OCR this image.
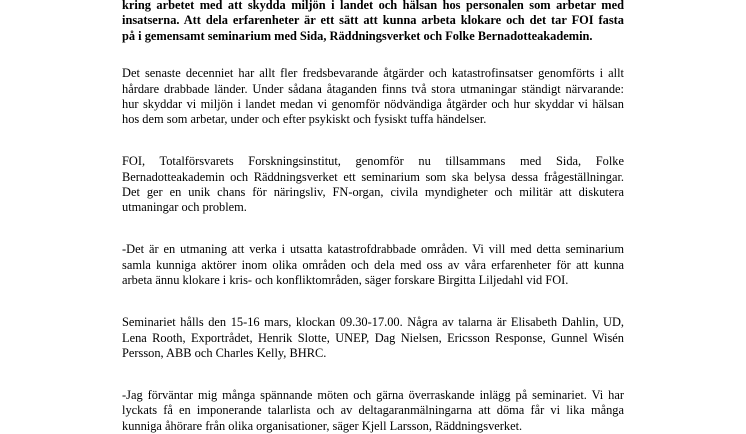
kring arbetet med att skydda miljön i landet och hälsan hos personalen som arbetar med
insatserna. Att dela erfarenheter är ett sätt att kunna arbeta klokare och det tar FOI fasta
på i gemensamt seminarium med Sida, Räddningsverket och Folke Bernadotteakademin.
Det senaste decenniet har allt fler fredsbevarande åtgärder och katastrofinsatser genomförts i allt
hårdare drabbade länder. Under sådana åtaganden finns två stora utmaningar ständigt närvarande:
hur skyddar vi miljön i landet medan vi genomför nödvändiga åtgärder och hur skyddar vi hälsan
hos dem som arbetar, under och efter psykiskt och fysiskt tuffa händelser.
FOI, Totalförsvarets Forskningsinstitut, genomför nu tillsammans med Sida, Folke
Bernadotteakademin och Räddningsverket ett seminarium som ska belysa dessa frågeställningar.
Det ger en unik chans för näringsliv, FN-organ, civila myndigheter och militär att diskutera
utmaningar och problem.
-Det är en utmaning att verka i utsatta katastrofdrabbade områden. Vi vill med detta seminarium
samla kunniga aktörer inom olika områden och dela med oss av våra erfarenheter för att kunna
arbeta ännu klokare i kris- och konfliktområden, säger forskare Birgitta Liljedahl vid FOI.
Seminariet hålls den 15-16 mars, klockan 09.30-17.00. Några av talarna är Elisabeth Dahlin, UD,
Lena Rooth, Exportrådet, Henrik Slotte, UNEP, Dag Nielsen, Ericsson Response, Gunnel Wisén
Persson, ABB och Charles Kelly, BHRC.
-Jag förväntar mig många spännande möten och gärna överraskande inlägg på seminariet. Vi har
lyckats få en imponerande talarlista och av deltagaranmälningarna att döma får vi lika många
kunniga åhörare från olika organisationer, säger Kjell Larsson, Räddningsverket.
